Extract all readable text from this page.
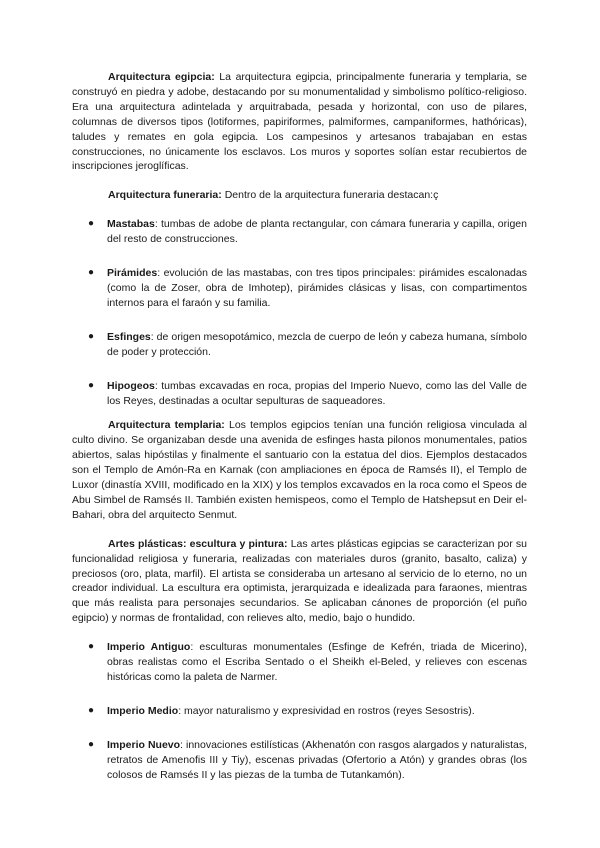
Arquitectura egipcia: La arquitectura egipcia, principalmente funeraria y templaria, se construyó en piedra y adobe, destacando por su monumentalidad y simbolismo político-religioso. Era una arquitectura adintelada y arquitrabada, pesada y horizontal, con uso de pilares, columnas de diversos tipos (lotiformes, papiriformes, palmiformes, campaniformes, hathóricas), taludes y remates en gola egipcia. Los campesinos y artesanos trabajaban en estas construcciones, no únicamente los esclavos. Los muros y soportes solían estar recubiertos de inscripciones jeroglíficas.

Arquitectura funeraria: Dentro de la arquitectura funeraria destacan:ç

● Mastabas: tumbas de adobe de planta rectangular, con cámara funeraria y capilla, origen del resto de construcciones.
● Pirámides: evolución de las mastabas, con tres tipos principales: pirámides escalonadas (como la de Zoser, obra de Imhotep), pirámides clásicas y lisas, con compartimentos internos para el faraón y su familia.
● Esfinges: de origen mesopotámico, mezcla de cuerpo de león y cabeza humana, símbolo de poder y protección.
● Hipogeos: tumbas excavadas en roca, propias del Imperio Nuevo, como las del Valle de los Reyes, destinadas a ocultar sepulturas de saqueadores.

Arquitectura templaria: Los templos egipcios tenían una función religiosa vinculada al culto divino. Se organizaban desde una avenida de esfinges hasta pilonos monumentales, patios abiertos, salas hipóstilas y finalmente el santuario con la estatua del dios. Ejemplos destacados son el Templo de Amón-Ra en Karnak (con ampliaciones en época de Ramsés II), el Templo de Luxor (dinastía XVIII, modificado en la XIX) y los templos excavados en la roca como el Speos de Abu Simbel de Ramsés II. También existen hemispeos, como el Templo de Hatshepsut en Deir el-Bahari, obra del arquitecto Senmut.

Artes plásticas: escultura y pintura: Las artes plásticas egipcias se caracterizan por su funcionalidad religiosa y funeraria, realizadas con materiales duros (granito, basalto, caliza) y preciosos (oro, plata, marfil). El artista se consideraba un artesano al servicio de lo eterno, no un creador individual. La escultura era optimista, jerarquizada e idealizada para faraones, mientras que más realista para personajes secundarios. Se aplicaban cánones de proporción (el puño egipcio) y normas de frontalidad, con relieves alto, medio, bajo o hundido.

● Imperio Antiguo: esculturas monumentales (Esfinge de Kefrén, triada de Micerino), obras realistas como el Escriba Sentado o el Sheikh el-Beled, y relieves con escenas históricas como la paleta de Narmer.
● Imperio Medio: mayor naturalismo y expresividad en rostros (reyes Sesostris).
● Imperio Nuevo: innovaciones estilísticas (Akhenatón con rasgos alargados y naturalistas, retratos de Amenofis III y Tiy), escenas privadas (Ofertorio a Atón) y grandes obras (los colosos de Ramsés II y las piezas de la tumba de Tutankamón).
